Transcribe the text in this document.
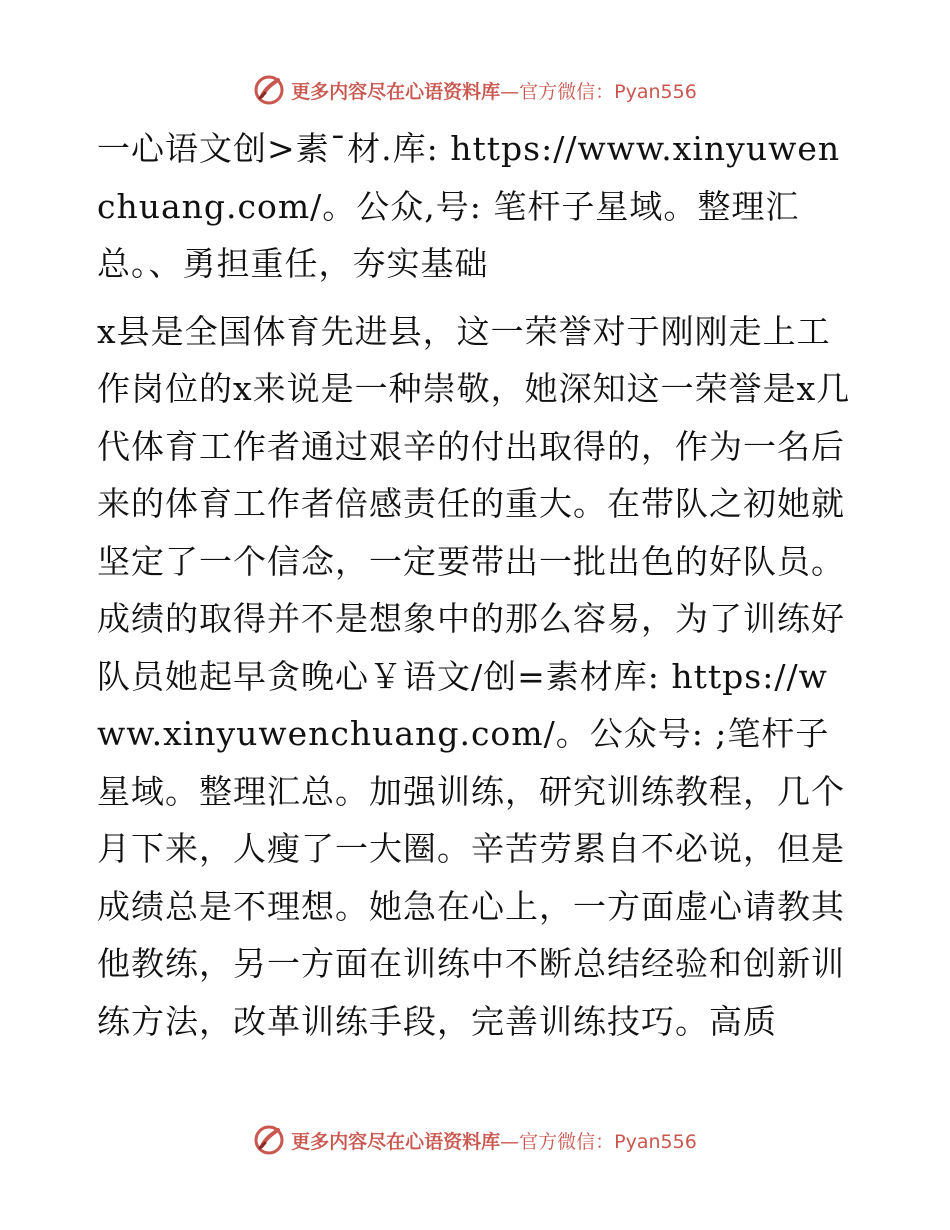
更多内容尽在心语资料库—官方微信：Pyan556

一心语文创>素¯材.库: https://www.xinyuwenchuang.com/。公众,号: 笔杆子星域。整理汇总。、勇担重任，夯实基础

x县是全国体育先进县，这一荣誉对于刚刚走上工作岗位的x来说是一种崇敬，她深知这一荣誉是x几代体育工作者通过艰辛的付出取得的，作为一名后来的体育工作者倍感责任的重大。在带队之初她就坚定了一个信念，一定要带出一批出色的好队员。成绩的取得并不是想象中的那么容易，为了训练好队员她起早贪晚心￥语文/创=素材库: https://www.xinyuwenchuang.com/。公众号: ;笔杆子星域。整理汇总。加强训练，研究训练教程，几个月下来，人瘦了一大圈。辛苦劳累自不必说，但是成绩总是不理想。她急在心上，一方面虚心请教其他教练，另一方面在训练中不断总结经验和创新训练方法，改革训练手段，完善训练技巧。高质

更多内容尽在心语资料库—官方微信：Pyan556
